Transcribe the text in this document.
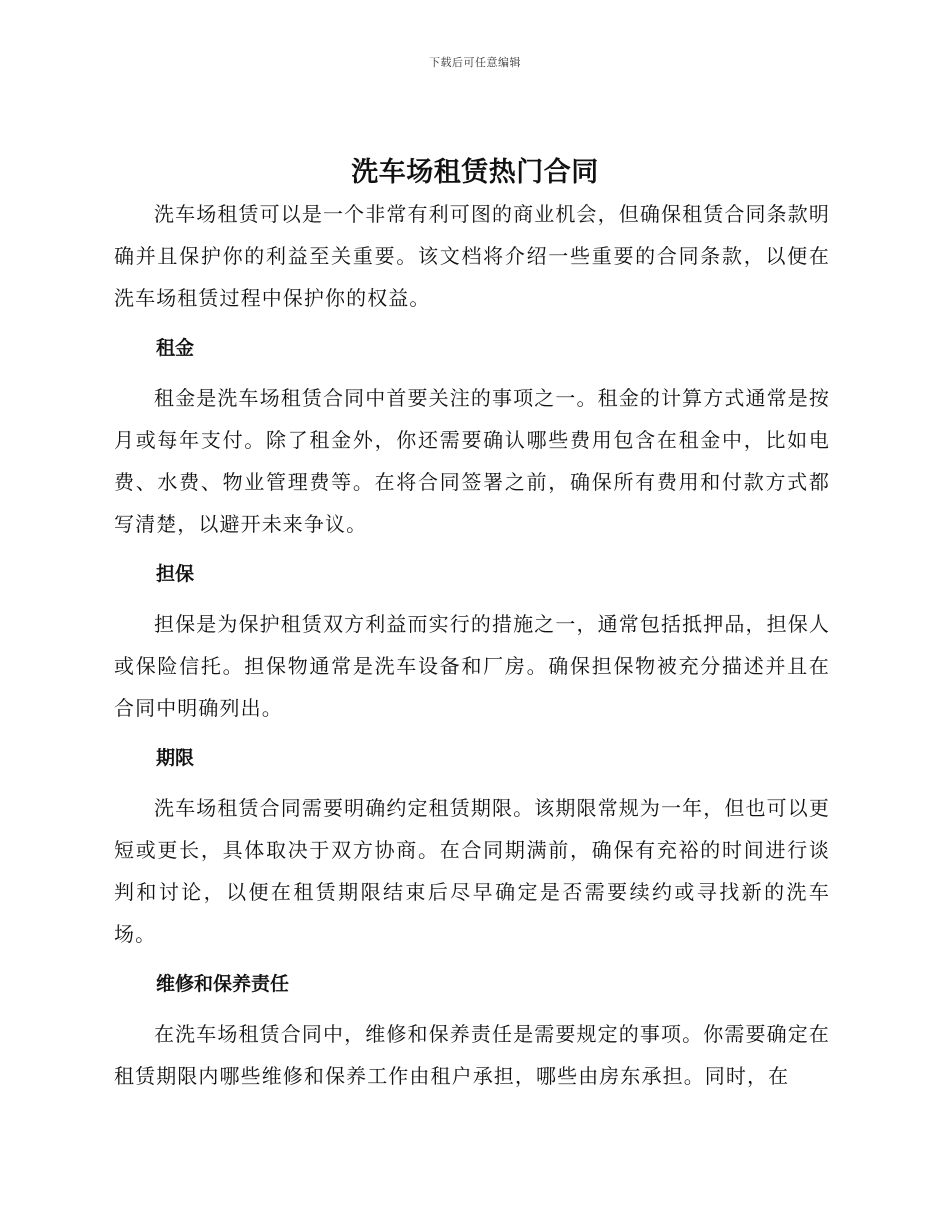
下载后可任意编辑
洗车场租赁热门合同

洗车场租赁可以是一个非常有利可图的商业机会，但确保租赁合同条款明确并且保护你的利益至关重要。该文档将介绍一些重要的合同条款，以便在洗车场租赁过程中保护你的权益。

租金

租金是洗车场租赁合同中首要关注的事项之一。租金的计算方式通常是按月或每年支付。除了租金外，你还需要确认哪些费用包含在租金中，比如电费、水费、物业管理费等。在将合同签署之前，确保所有费用和付款方式都写清楚，以避开未来争议。

担保

担保是为保护租赁双方利益而实行的措施之一，通常包括抵押品，担保人或保险信托。担保物通常是洗车设备和厂房。确保担保物被充分描述并且在合同中明确列出。

期限

洗车场租赁合同需要明确约定租赁期限。该期限常规为一年，但也可以更短或更长，具体取决于双方协商。在合同期满前，确保有充裕的时间进行谈判和讨论，以便在租赁期限结束后尽早确定是否需要续约或寻找新的洗车场。

维修和保养责任

在洗车场租赁合同中，维修和保养责任是需要规定的事项。你需要确定在租赁期限内哪些维修和保养工作由租户承担，哪些由房东承担。同时，在
